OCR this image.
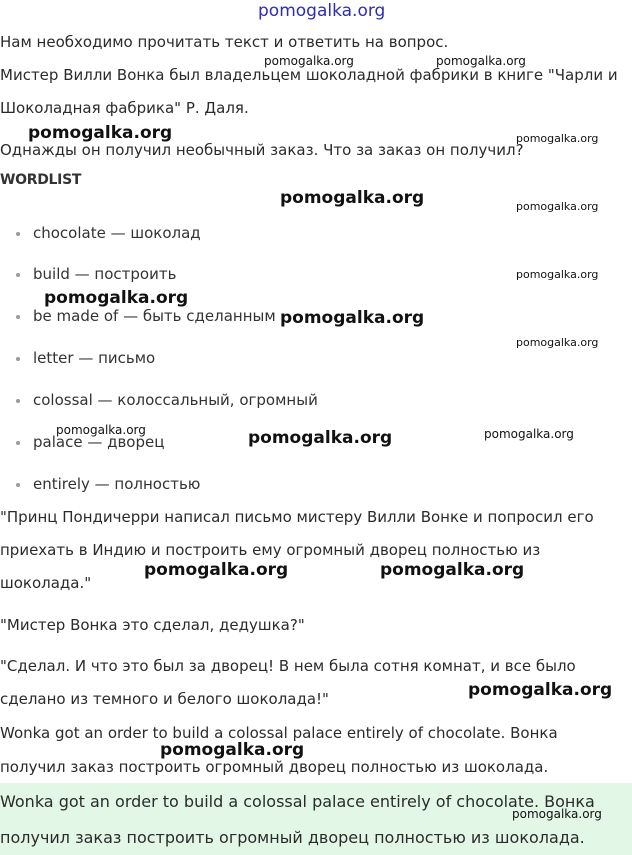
pomogalka.org
Нам необходимо прочитать текст и ответить на вопрос.
Мистер Вилли Вонка был владельцем шоколадной фабрики в книге "Чарли и
Шоколадная фабрика" Р. Даля.
Однажды он получил необычный заказ. Что за заказ он получил?
WORDLIST
chocolate — шоколад
build — построить
be made of — быть сделанным
letter — письмо
colossal — колоссальный, огромный
palace — дворец
entirely — полностью
"Принц Пондичерри написал письмо мистеру Вилли Вонке и попросил его
приехать в Индию и построить ему огромный дворец полностью из
шоколада."
"Мистер Вонка это сделал, дедушка?"
"Сделал. И что это был за дворец! В нем была сотня комнат, и все было
сделано из темного и белого шоколада!"
Wonka got an order to build a colossal palace entirely of chocolate. Вонка
получил заказ построить огромный дворец полностью из шоколада.
Wonka got an order to build a colossal palace entirely of chocolate. Вонка
получил заказ построить огромный дворец полностью из шоколада.
pomogalka.org	pomogalka.org
pomogalka.org	pomogalka.org
pomogalka.org	pomogalka.org
pomogalka.org
pomogalka.org
pomogalka.org
pomogalka.org
pomogalka.org	pomogalka.org
pomogalka.org
pomogalka.org	pomogalka.org
pomogalka.org
pomogalka.org
pomogalka.org
